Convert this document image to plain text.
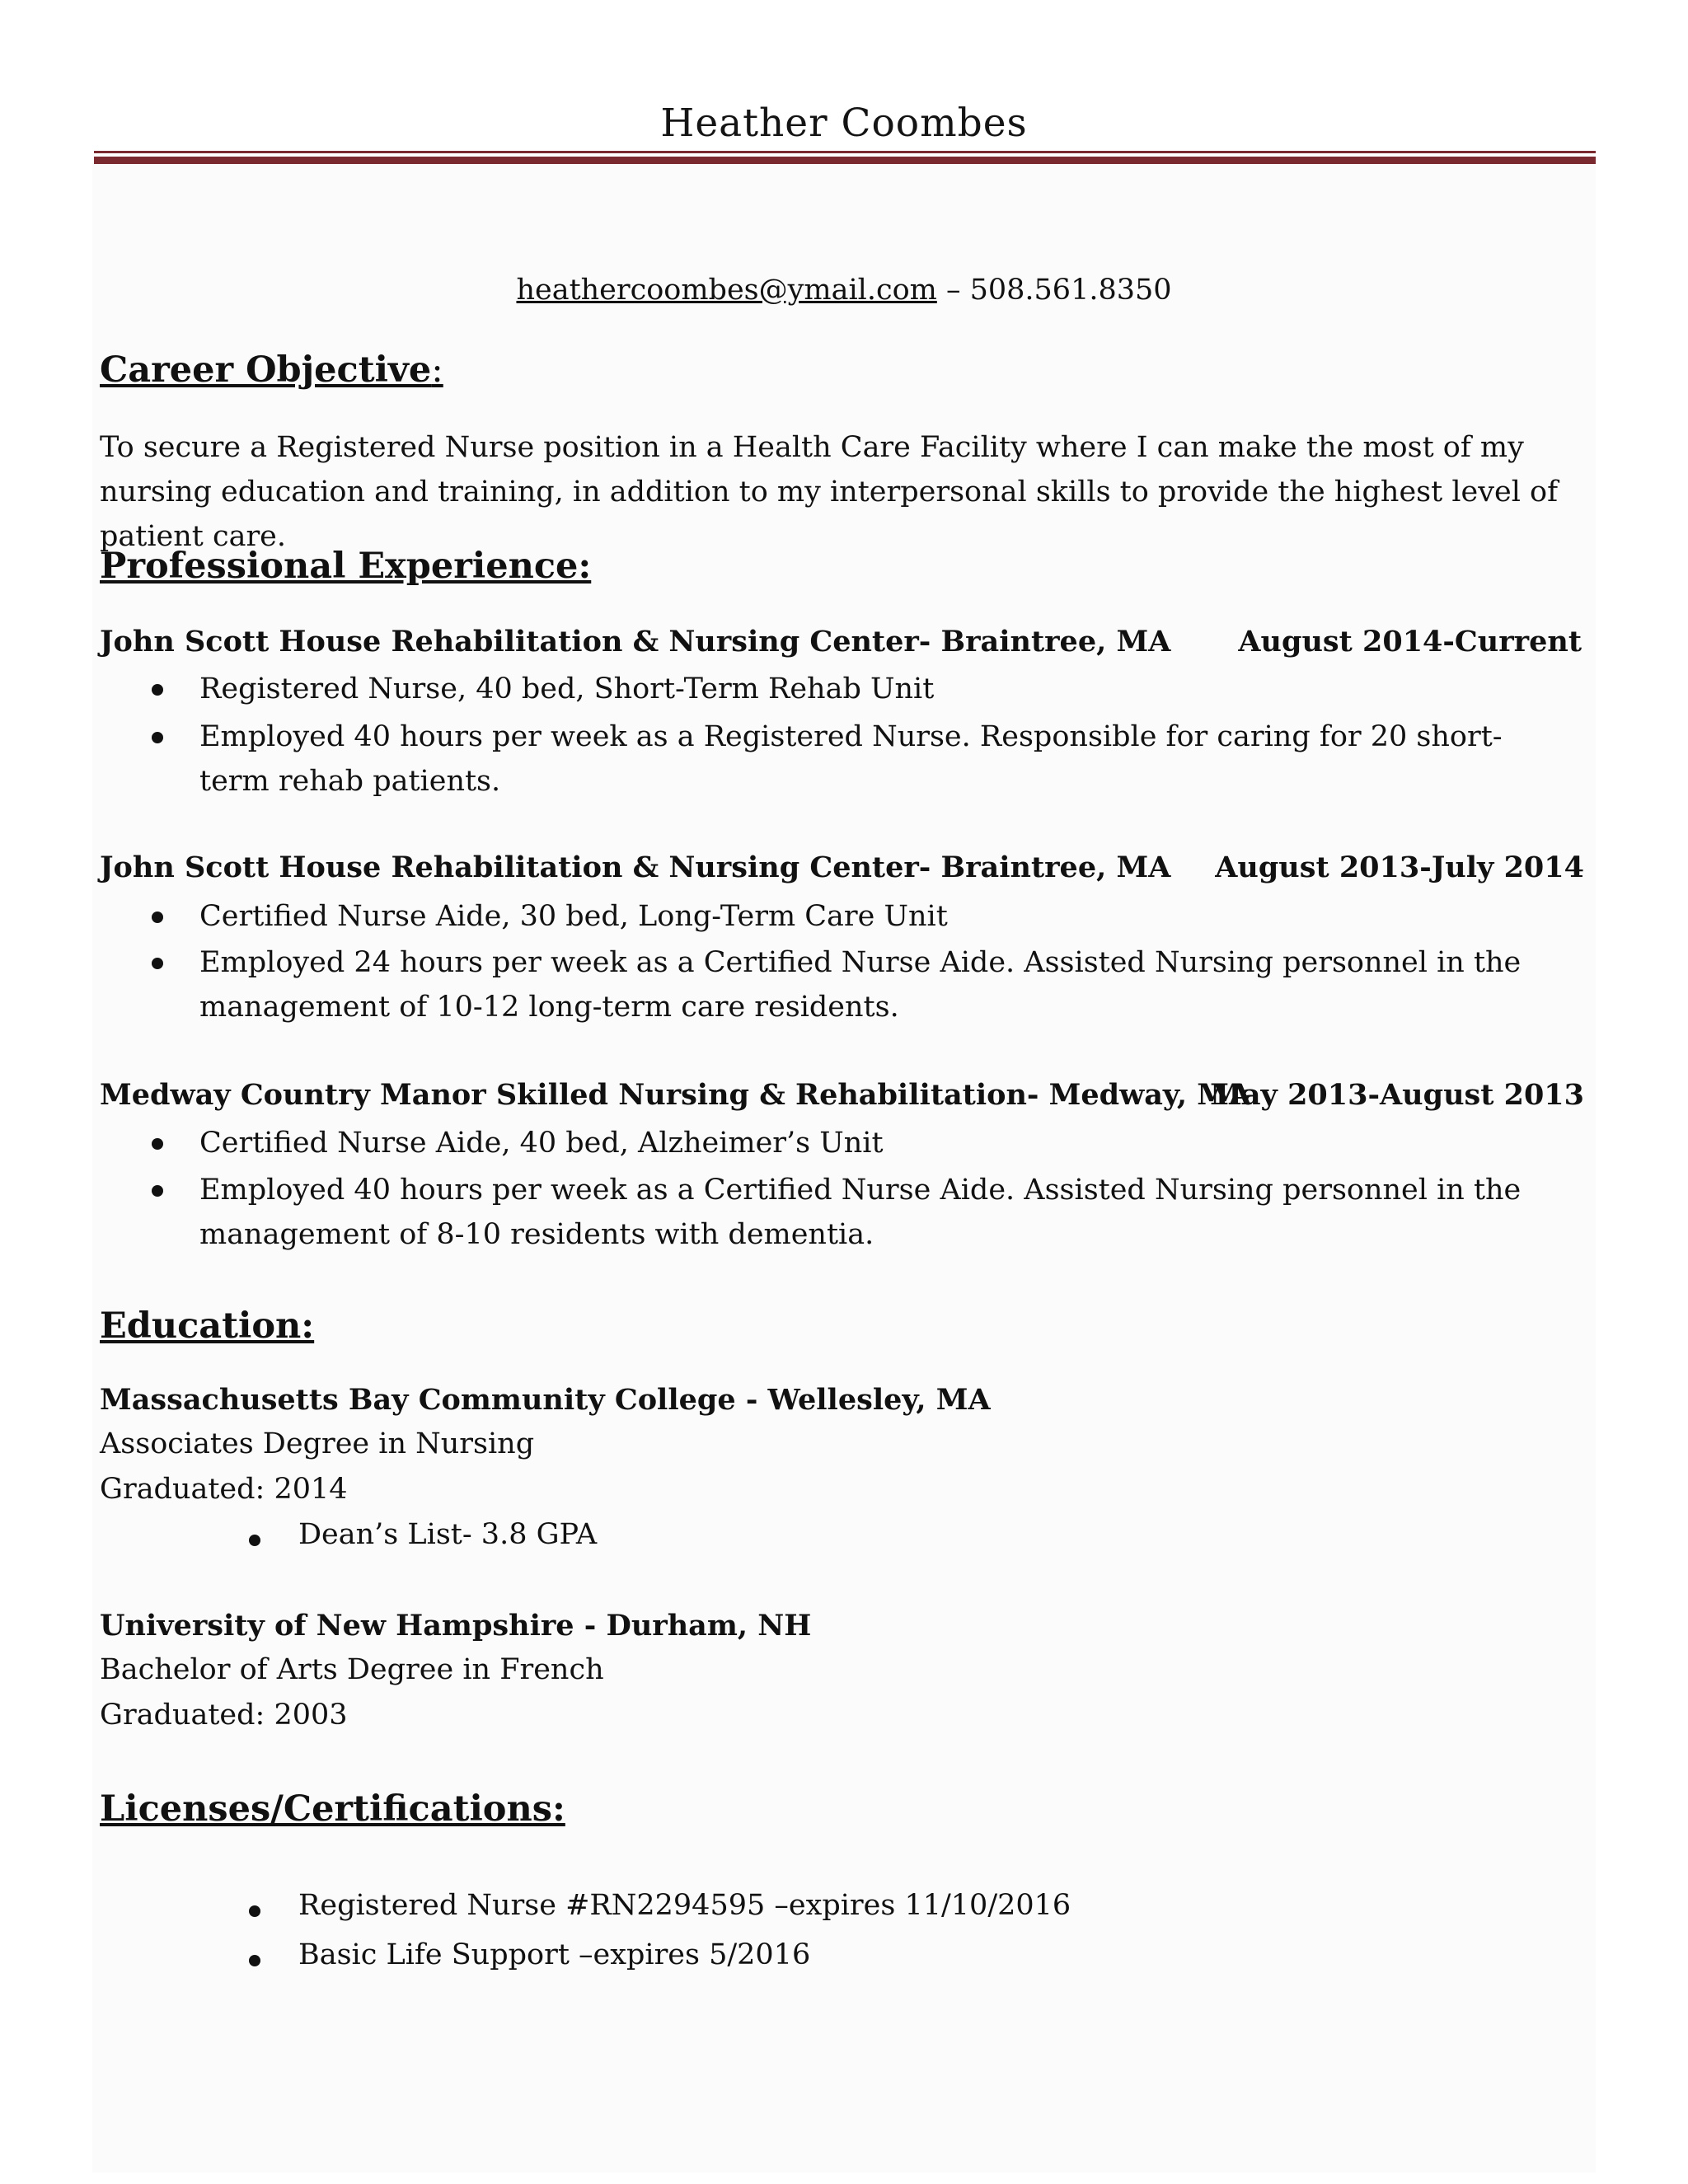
Heather Coombes
heathercoombes@ymail.com – 508.561.8350
Career Objective:
To secure a Registered Nurse position in a Health Care Facility where I can make the most of my nursing education and training, in addition to my interpersonal skills to provide the highest level of patient care.
Professional Experience:
John Scott House Rehabilitation & Nursing Center- Braintree, MA August 2014-Current
Registered Nurse, 40 bed, Short-Term Rehab Unit
Employed 40 hours per week as a Registered Nurse. Responsible for caring for 20 short-term rehab patients.
John Scott House Rehabilitation & Nursing Center- Braintree, MA August 2013-July 2014
Certified Nurse Aide, 30 bed, Long-Term Care Unit
Employed 24 hours per week as a Certified Nurse Aide. Assisted Nursing personnel in the management of 10-12 long-term care residents.
Medway Country Manor Skilled Nursing & Rehabilitation- Medway, MA
May 2013-August 2013
Certified Nurse Aide, 40 bed, Alzheimer’s Unit
Employed 40 hours per week as a Certified Nurse Aide. Assisted Nursing personnel in the management of 8-10 residents with dementia.
Education:
Massachusetts Bay Community College - Wellesley, MA
Associates Degree in Nursing
Graduated: 2014
Dean’s List- 3.8 GPA
University of New Hampshire - Durham, NH
Bachelor of Arts Degree in French
Graduated: 2003
Licenses/Certifications:
Registered Nurse #RN2294595 –expires 11/10/2016
Basic Life Support –expires 5/2016
